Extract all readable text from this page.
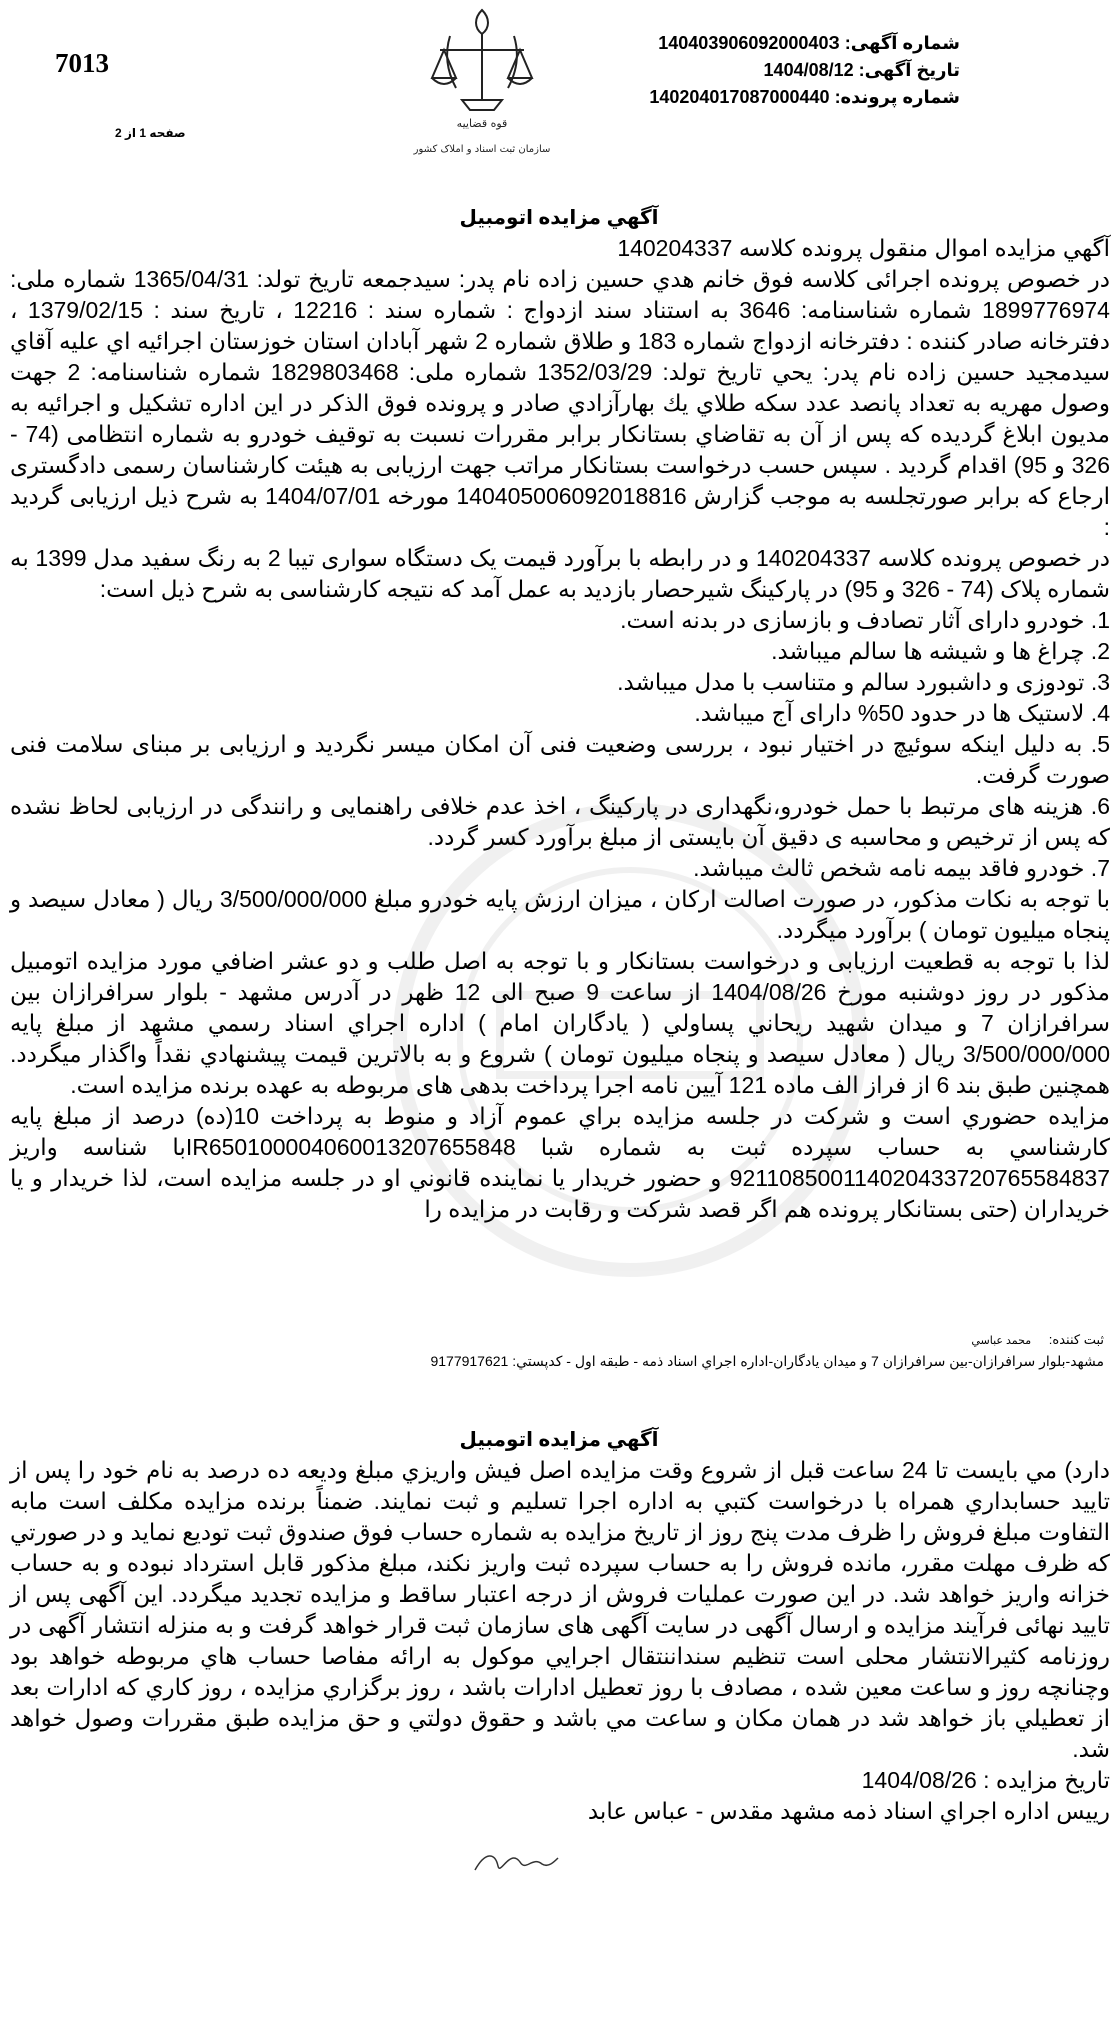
7013
صفحه 1 از 2
قوه قضاييه
سازمان ثبت اسناد و املاک کشور
شماره آگهی: 14040390609200040З
تاریخ آگهی: 1404/08/12
شماره پرونده: 140204017087000440
آگهي مزايده اتومبيل

آگهي مزايده اموال منقول پرونده کلاسه 140204337

در خصوص پرونده اجرائی کلاسه فوق خانم هدي حسين زاده نام پدر: سيدجمعه تاريخ تولد: 1365/04/31 شماره ملی: 1899776974 شماره شناسنامه: 3646 به استناد سند ازدواج : شماره سند : 12216 ، تاريخ سند : 1379/02/15 ، دفترخانه صادر کننده : دفترخانه ازدواج شماره 183 و طلاق شماره 2 شهر آبادان استان خوزستان اجرائيه اي عليه آقاي سيدمجيد حسين زاده نام پدر: يحي تاريخ تولد: 1352/03/29 شماره ملی: 1829803468 شماره شناسنامه: 2 جهت وصول مهريه به تعداد پانصد عدد سکه طلاي يك بهارآزادي صادر و پرونده فوق الذكر در اين اداره تشكيل و اجرائيه به مديون ابلاغ گرديده كه پس از آن به تقاضاي بستانكار برابر مقررات نسبت به توقيف خودرو به شماره انتظامی (74 - 326 و 95) اقدام گرديد . سپس حسب درخواست بستانکار مراتب جهت ارزیابی به هیئت کارشناسان رسمی دادگستری ارجاع که برابر صورتجلسه به موجب گزارش 140405006092018816 مورخه 1404/07/01 به شرح ذیل ارزیابی گردید :

در خصوص پرونده کلاسه 140204337 و در رابطه با برآورد قیمت یک دستگاه سواری تیبا 2 به رنگ سفید مدل 1399 به شماره پلاک (74 - 326 و 95) در پارکینگ شیرحصار بازدید به عمل آمد که نتیجه کارشناسی به شرح ذیل است:

1. خودرو دارای آثار تصادف و بازسازی در بدنه است.

2. چراغ ها و شیشه ها سالم میباشد.

3. تودوزی و داشبورد سالم و متناسب با مدل میباشد.

4. لاستیک ها در حدود 50% دارای آج میباشد.

5. به دلیل اینکه سوئیچ در اختیار نبود ، بررسی وضعیت فنی آن امکان میسر نگردید و ارزیابی بر مبنای سلامت فنی صورت گرفت.

6. هزینه های مرتبط با حمل خودرو،نگهداری در پارکینگ ، اخذ عدم خلافی راهنمایی و رانندگی در ارزیابی لحاظ نشده که پس از ترخیص و محاسبه ی دقیق آن بایستی از مبلغ برآورد کسر گردد.

7. خودرو فاقد بیمه نامه شخص ثالث میباشد.

با توجه به نکات مذکور، در صورت اصالت ارکان ، میزان ارزش پایه خودرو مبلغ 3/500/000/000 ریال ( معادل سیصد و پنجاه میلیون تومان ) برآورد میگردد.

لذا با توجه به قطعيت ارزيابی و درخواست بستانكار و با توجه به اصل طلب و دو عشر اضافي مورد مزايده اتومبيل مذكور در روز دوشنبه مورخ 1404/08/26 از ساعت 9 صبح الی 12 ظهر در آدرس مشهد - بلوار سرافرازان بين سرافرازان 7 و ميدان شهيد ريحاني پساولي ( يادگاران امام ) اداره اجراي اسناد رسمي مشهد از مبلغ پايه 3/500/000/000 ريال ( معادل سیصد و پنجاه میلیون تومان ) شروع و به بالاترين قيمت پيشنهادي نقداً واگذار ميگردد. همچنين طبق بند 6 از فراز الف ماده 121 آيين نامه اجرا پرداخت بدهی های مربوطه به عهده برنده مزايده است.

مزايده حضوري است و شركت در جلسه مزايده براي عموم آزاد و منوط به پرداخت 10(ده) درصد از مبلغ پايه كارشناسي به حساب سپرده ثبت به شماره شبا IR650100004060013207655848با شناسه واريز 921108500114020433720765584837 و حضور خريدار يا نماينده قانوني او در جلسه مزايده است، لذا خريدار و يا خريداران (حتی بستانکار پرونده هم اگر قصد شرکت و رقابت در مزایده را

ثبت کننده: محمد عباسي
مشهد-بلوار سرافرازان-بين سرافرازان 7 و ميدان يادگاران-اداره اجراي اسناد ذمه - طبقه اول - كدپستي: 9177917621
آگهي مزايده اتومبيل

دارد) مي بايست تا 24 ساعت قبل از شروع وقت مزايده اصل فيش واريزي مبلغ وديعه ده درصد به نام خود را پس از تاييد حسابداري همراه با درخواست كتبي به اداره اجرا تسليم و ثبت نمايند. ضمناً برنده مزايده مكلف است مابه التفاوت مبلغ فروش را ظرف مدت پنج روز از تاريخ مزايده به شماره حساب فوق صندوق ثبت توديع نمايد و در صورتي كه ظرف مهلت مقرر، مانده فروش را به حساب سپرده ثبت واريز نكند، مبلغ مذكور قابل استرداد نبوده و به حساب خزانه واريز خواهد شد. در اين صورت عمليات فروش از درجه اعتبار ساقط و مزايده تجديد ميگردد. اين آگهی پس از تاييد نهائی فرآيند مزايده و ارسال آگهی در سايت آگهی های سازمان ثبت قرار خواهد گرفت و به منزله انتشار آگهی در روزنامه كثيرالانتشار محلی است تنظيم سنداننتقال اجرايي موكول به ارائه مفاصا حساب هاي مربوطه خواهد بود وچنانچه روز و ساعت معين شده ، مصادف با روز تعطيل ادارات باشد ، روز برگزاري مزايده ، روز كاري كه ادارات بعد از تعطيلي باز خواهد شد در همان مكان و ساعت مي باشد و حقوق دولتي و حق مزايده طبق مقررات وصول خواهد شد.

تاریخ مزایده : 1404/08/26

رييس اداره اجراي اسناد ذمه مشهد مقدس - عباس عابد
